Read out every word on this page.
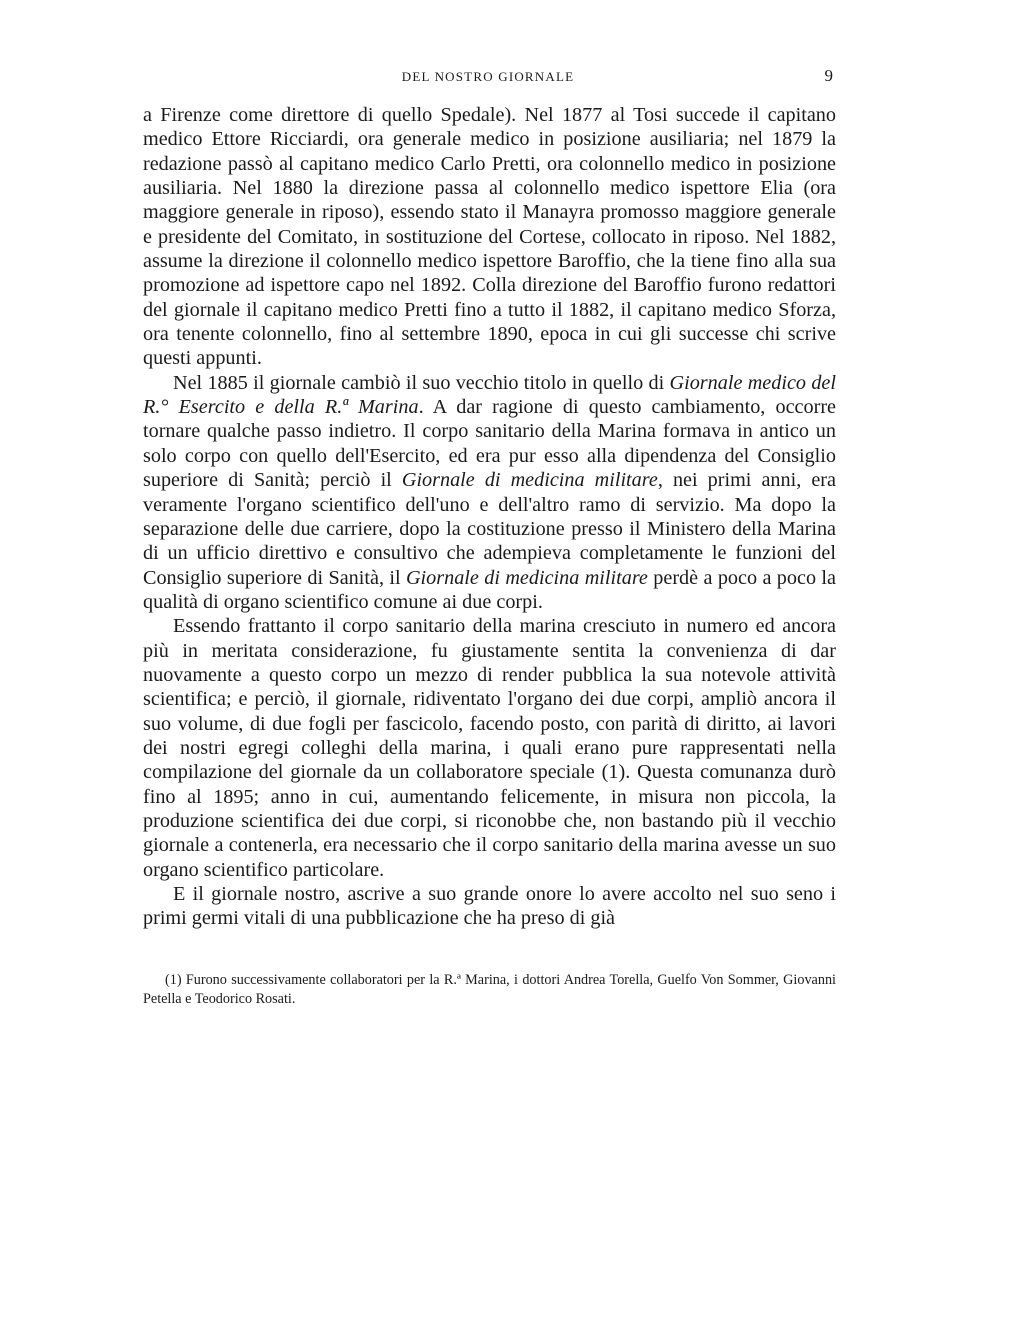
DEL NOSTRO GIORNALE	9

a Firenze come direttore di quello Spedale). Nel 1877 al Tosi succede il capitano medico Ettore Ricciardi, ora generale medico in posizione ausiliaria; nel 1879 la redazione passò al capitano medico Carlo Pretti, ora colonnello medico in posizione ausiliaria. Nel 1880 la direzione passa al colonnello medico ispettore Elia (ora maggiore generale in riposo), essendo stato il Manayra promosso maggiore generale e presidente del Comitato, in sostituzione del Cortese, collocato in riposo. Nel 1882, assume la direzione il colonnello medico ispettore Baroffio, che la tiene fino alla sua promozione ad ispettore capo nel 1892. Colla direzione del Baroffio furono redattori del giornale il capitano medico Pretti fino a tutto il 1882, il capitano medico Sforza, ora tenente colonnello, fino al settembre 1890, epoca in cui gli successe chi scrive questi appunti.

Nel 1885 il giornale cambiò il suo vecchio titolo in quello di Giornale medico del R.° Esercito e della R.ª Marina. A dar ragione di questo cambiamento, occorre tornare qualche passo indietro. Il corpo sanitario della Marina formava in antico un solo corpo con quello dell'Esercito, ed era pur esso alla dipendenza del Consiglio superiore di Sanità; perciò il Giornale di medicina militare, nei primi anni, era veramente l'organo scientifico dell'uno e dell'altro ramo di servizio. Ma dopo la separazione delle due carriere, dopo la costituzione presso il Ministero della Marina di un ufficio direttivo e consultivo che adempieva completamente le funzioni del Consiglio superiore di Sanità, il Giornale di medicina militare perdè a poco a poco la qualità di organo scientifico comune ai due corpi.

Essendo frattanto il corpo sanitario della marina cresciuto in numero ed ancora più in meritata considerazione, fu giustamente sentita la convenienza di dar nuovamente a questo corpo un mezzo di render pubblica la sua notevole attività scientifica; e perciò, il giornale, ridiventato l'organo dei due corpi, ampliò ancora il suo volume, di due fogli per fascicolo, facendo posto, con parità di diritto, ai lavori dei nostri egregi colleghi della marina, i quali erano pure rappresentati nella compilazione del giornale da un collaboratore speciale (1). Questa comunanza durò fino al 1895; anno in cui, aumentando felicemente, in misura non piccola, la produzione scientifica dei due corpi, si riconobbe che, non bastando più il vecchio giornale a contenerla, era necessario che il corpo sanitario della marina avesse un suo organo scientifico particolare.

E il giornale nostro, ascrive a suo grande onore lo avere accolto nel suo seno i primi germi vitali di una pubblicazione che ha preso di già

(1) Furono successivamente collaboratori per la R.ª Marina, i dottori Andrea Torella, Guelfo Von Sommer, Giovanni Petella e Teodorico Rosati.
